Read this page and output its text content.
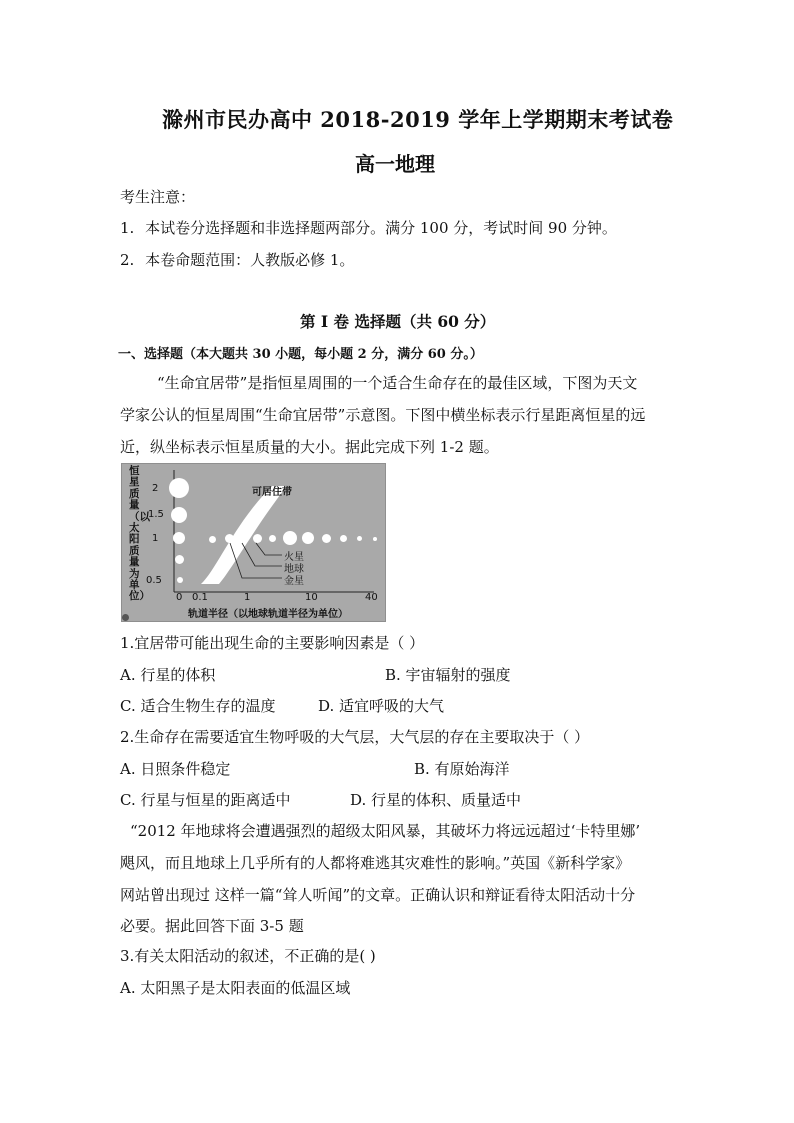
滁州市民办高中 2018-2019 学年上学期期末考试卷
高一地理
考生注意：
1. 本试卷分选择题和非选择题两部分。满分 100 分，考试时间 90 分钟。
2. 本卷命题范围：人教版必修 1。
第 I 卷 选择题（共 60 分）
一、选择题（本大题共 30 小题，每小题 2 分，满分 60 分。）
“生命宜居带”是指恒星周围的一个适合生命存在的最佳区域，下图为天文
学家公认的恒星周围“生命宜居带”示意图。下图中横坐标表示行星距离恒星的远
近，纵坐标表示恒星质量的大小。据此完成下列 1-2 题。
恒星质量（以太阳质量为单位）
2
1.5
1
0.5
可居住带
火星
地球
金星
0 0.1	1	10	40
轨道半径（以地球轨道半径为单位）
1.宜居带可能出现生命的主要影响因素是（ ）
A. 行星的体积	B. 宇宙辐射的强度
C. 适合生物生存的温度	D. 适宜呼吸的大气
2.生命存在需要适宜生物呼吸的大气层，大气层的存在主要取决于（ ）
A. 日照条件稳定	B. 有原始海洋
C. 行星与恒星的距离适中	D. 行星的体积、质量适中
“2012 年地球将会遭遇强烈的超级太阳风暴，其破坏力将远远超过‘卡特里娜’
飓风，而且地球上几乎所有的人都将难逃其灾难性的影响。”英国《新科学家》
网站曾出现过 这样一篇“耸人听闻”的文章。正确认识和辩证看待太阳活动十分
必要。据此回答下面 3-5 题
3.有关太阳活动的叙述，不正确的是( )
A. 太阳黑子是太阳表面的低温区域
